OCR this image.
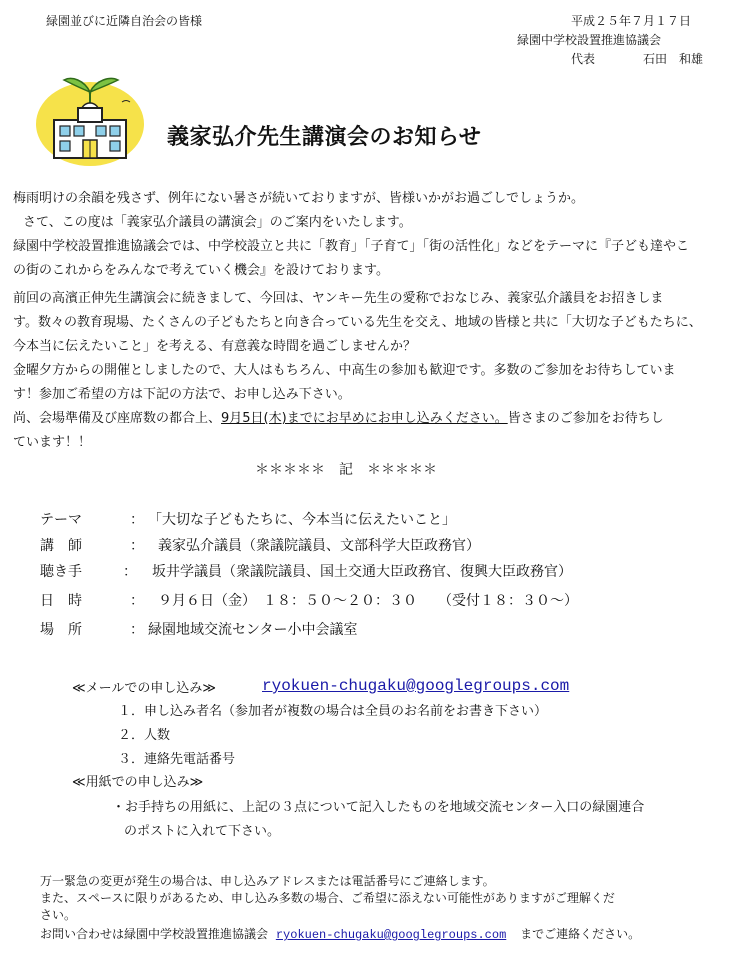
緑園並びに近隣自治会の皆様	平成２５年７月１７日
緑園中学校設置推進協議会
代表	石田　和雄
義家弘介先生講演会のお知らせ
梅雨明けの余韻を残さず、例年にない暑さが続いておりますが、皆様いかがお過ごしでしょうか。
さて、この度は「義家弘介議員の講演会」のご案内をいたします。
緑園中学校設置推進協議会では、中学校設立と共に「教育」「子育て」「街の活性化」などをテーマに『子ども達やこ
の街のこれからをみんなで考えていく機会』を設けております。
前回の高濱正伸先生講演会に続きまして、今回は、ヤンキー先生の愛称でおなじみ、義家弘介議員をお招きしま
す。数々の教育現場、たくさんの子どもたちと向き合っている先生を交え、地域の皆様と共に「大切な子どもたちに、
今本当に伝えたいこと」を考える、有意義な時間を過ごしませんか？
金曜夕方からの開催としましたので、大人はもちろん、中高生の参加も歓迎です。多数のご参加をお待ちしていま
す！参加ご希望の方は下記の方法で、お申し込み下さい。
尚、会場準備及び座席数の都合上、9月5日(木)までにお早めにお申し込みください。皆さまのご参加をお待ちし
ています！！
＊＊＊＊＊　記　＊＊＊＊＊
テーマ	： 「大切な子どもたちに、今本当に伝えたいこと」
講　師	： 義家弘介議員（衆議院議員、文部科学大臣政務官）
聴き手	： 坂井学議員（衆議院議員、国土交通大臣政務官、復興大臣政務官）
日　時	： ９月６日（金）　１８：５０～２０：３０　　（受付１８：３０～）
場　所	： 緑園地域交流センター小中会議室
≪メールでの申し込み≫	ryokuen-chugaku@googlegroups.com
１．申し込み者名（参加者が複数の場合は全員のお名前をお書き下さい）
２．人数
３．連絡先電話番号
≪用紙での申し込み≫
・お手持ちの用紙に、上記の３点について記入したものを地域交流センター入口の緑園連合
のポストに入れて下さい。
万一緊急の変更が発生の場合は、申し込みアドレスまたは電話番号にご連絡します。
また、スペースに限りがあるため、申し込み多数の場合、ご希望に添えない可能性がありますがご理解くだ
さい。
お問い合わせは緑園中学校設置推進協議会 ryokuen-chugaku@googlegroups.com までご連絡ください。
